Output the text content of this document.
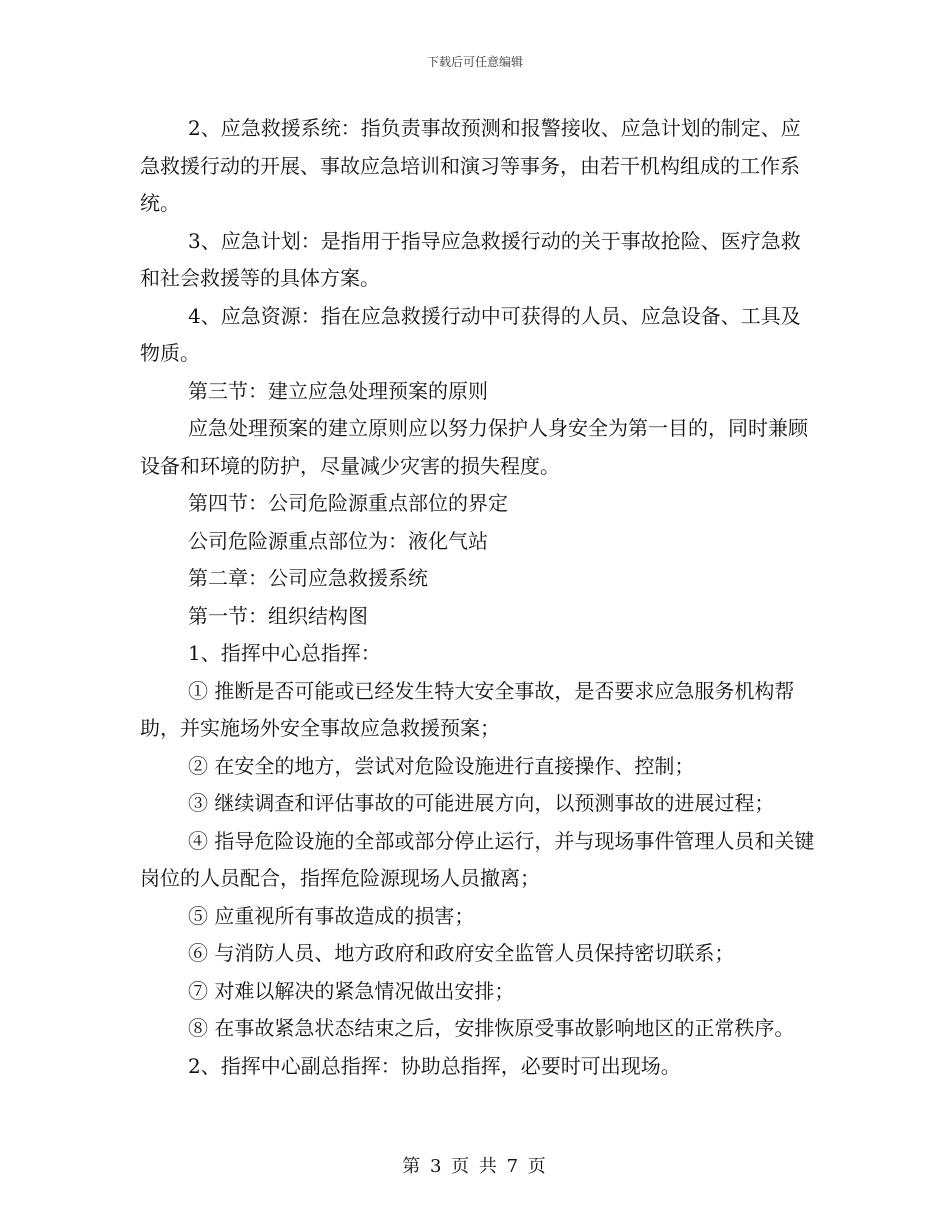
下载后可任意编辑

2、应急救援系统：指负责事故预测和报警接收、应急计划的制定、应急救援行动的开展、事故应急培训和演习等事务，由若干机构组成的工作系统。

3、应急计划：是指用于指导应急救援行动的关于事故抢险、医疗急救和社会救援等的具体方案。

4、应急资源：指在应急救援行动中可获得的人员、应急设备、工具及物质。

第三节：建立应急处理预案的原则

应急处理预案的建立原则应以努力保护人身安全为第一目的，同时兼顾设备和环境的防护，尽量减少灾害的损失程度。

第四节：公司危险源重点部位的界定

公司危险源重点部位为：液化气站

第二章：公司应急救援系统

第一节：组织结构图

1、指挥中心总指挥：

① 推断是否可能或已经发生特大安全事故，是否要求应急服务机构帮助，并实施场外安全事故应急救援预案；

② 在安全的地方，尝试对危险设施进行直接操作、控制；

③ 继续调查和评估事故的可能进展方向，以预测事故的进展过程；

④ 指导危险设施的全部或部分停止运行，并与现场事件管理人员和关键岗位的人员配合，指挥危险源现场人员撤离；

⑤ 应重视所有事故造成的损害；

⑥ 与消防人员、地方政府和政府安全监管人员保持密切联系；

⑦ 对难以解决的紧急情况做出安排；

⑧ 在事故紧急状态结束之后，安排恢原受事故影响地区的正常秩序。

2、指挥中心副总指挥：协助总指挥，必要时可出现场。

第 3 页 共 7 页
